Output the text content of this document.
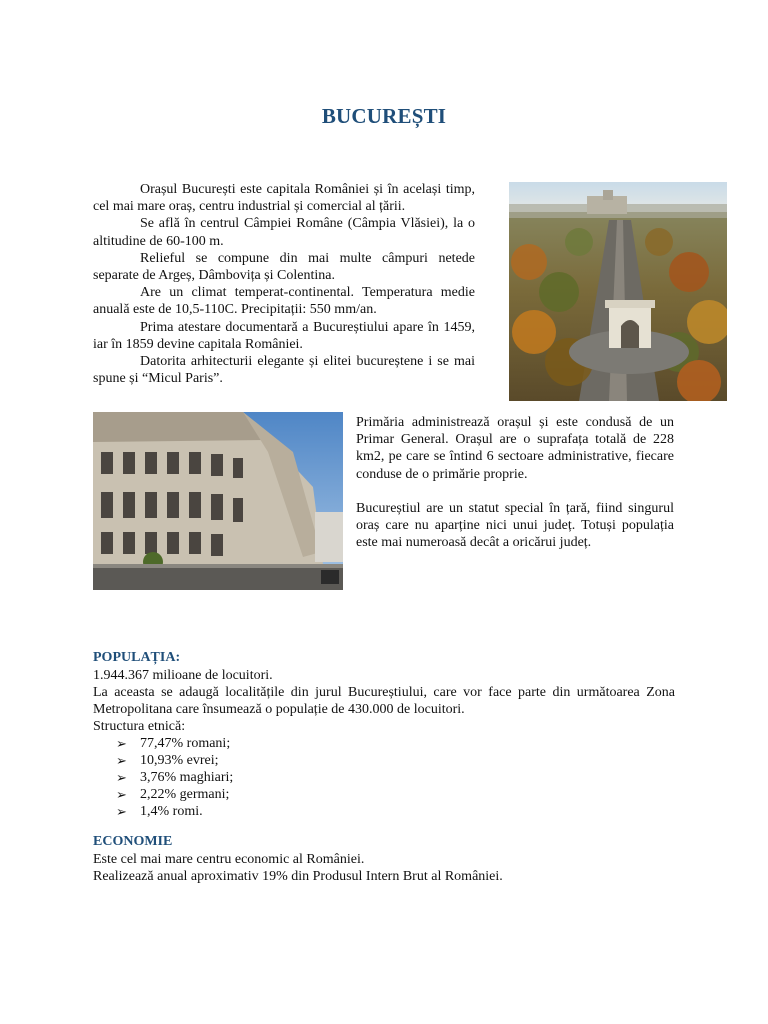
BUCUREȘTI

Orașul București este capitala României și în același timp, cel mai mare oraș, centru industrial și comercial al țării.

Se află în centrul Câmpiei Române (Câmpia Vlăsiei), la o altitudine de 60-100 m.

Relieful se compune din mai multe câmpuri netede separate de Argeș, Dâmbovița și Colentina.

Are un climat temperat-continental. Temperatura medie anuală este de 10,5-110C. Precipitații: 550 mm/an.

Prima atestare documentară a Bucureștiului apare în 1459, iar în 1859 devine capitala României.

Datorita arhitecturii elegante și elitei bucureștene i se mai spune și “Micul Paris”.

Primăria administrează orașul și este condusă de un Primar General. Orașul are o suprafața totală de 228 km2, pe care se întind 6 sectoare administrative, fiecare conduse de o primărie proprie.

Bucureștiul are un statut special în țară, fiind singurul oraș care nu aparține nici unui județ. Totuși populația este mai numeroasă decât a oricărui județ.

POPULAȚIA:

1.944.367 milioane de locuitori.

La aceasta se adaugă localitățile din jurul Bucureștiului, care vor face parte din următoarea Zona Metropolitana care însumează o populație de 430.000 de locuitori.

Structura etnică:

➢ 77,47% romani;
➢ 10,93% evrei;
➢ 3,76% maghiari;
➢ 2,22% germani;
➢ 1,4% romi.
ECONOMIE

Este cel mai mare centru economic al României.

Realizează anual aproximativ 19% din Produsul Intern Brut al României.
